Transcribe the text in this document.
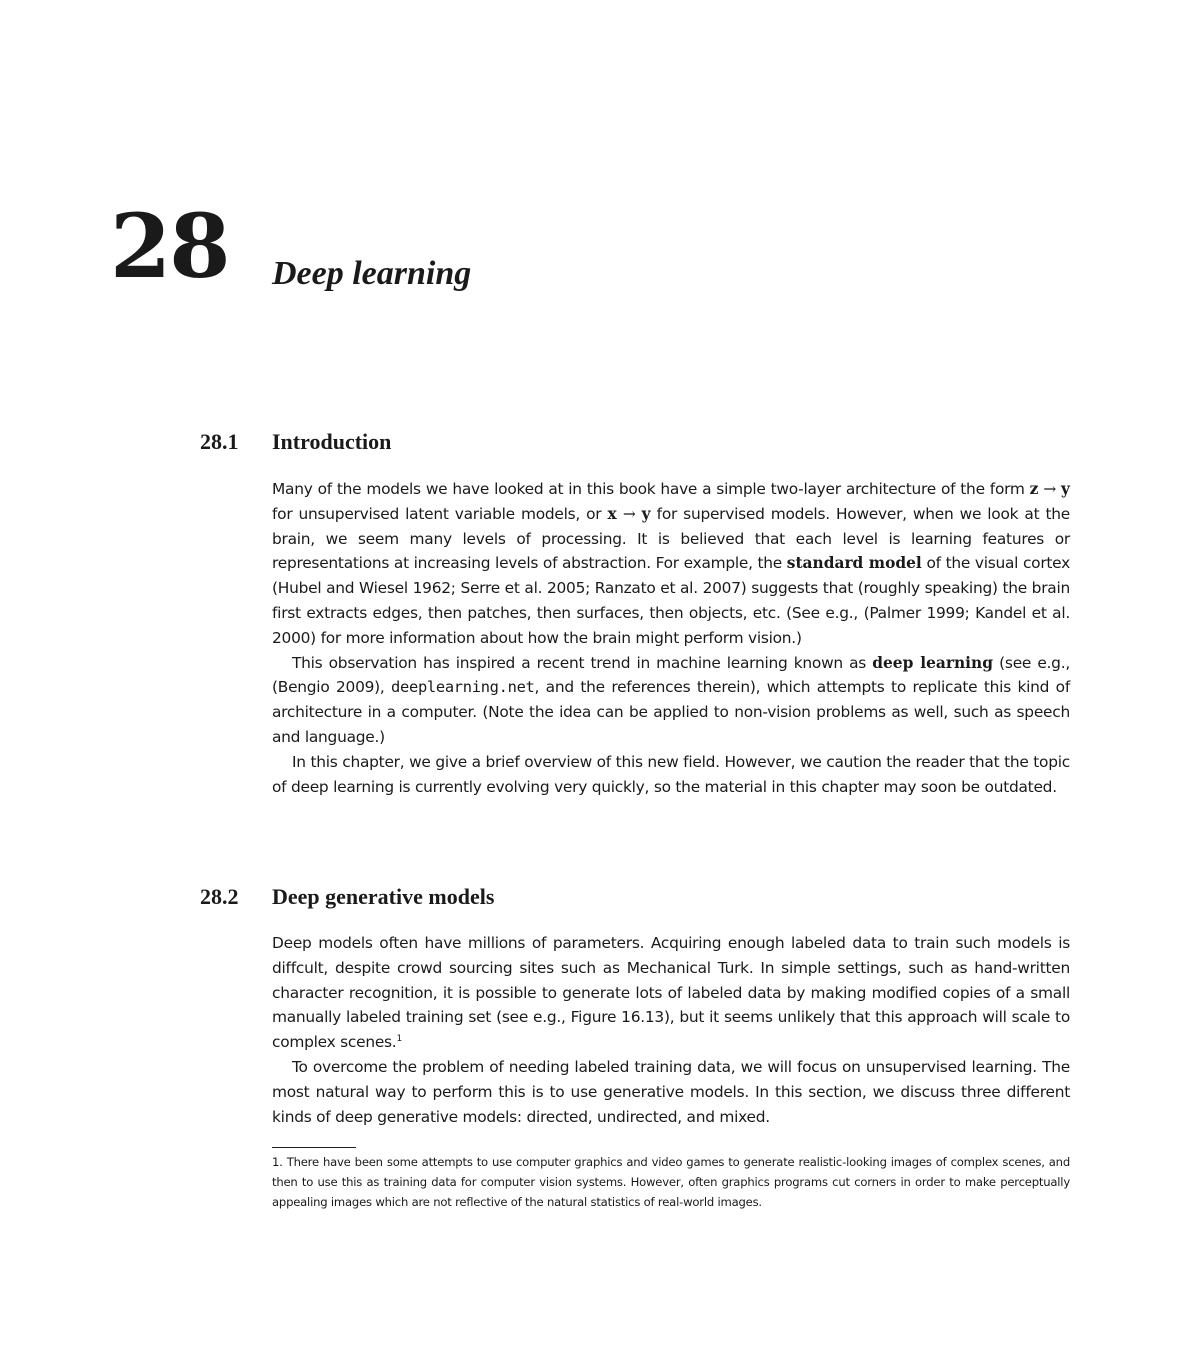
28 Deep learning
28.1 Introduction

Many of the models we have looked at in this book have a simple two-layer architecture of the form z → y for unsupervised latent variable models, or x → y for supervised models. However, when we look at the brain, we seem many levels of processing. It is believed that each level is learning features or representations at increasing levels of abstraction. For example, the standard model of the visual cortex (Hubel and Wiesel 1962; Serre et al. 2005; Ranzato et al. 2007) suggests that (roughly speaking) the brain first extracts edges, then patches, then surfaces, then objects, etc. (See e.g., (Palmer 1999; Kandel et al. 2000) for more information about how the brain might perform vision.)

This observation has inspired a recent trend in machine learning known as deep learning (see e.g., (Bengio 2009), deeplearning.net, and the references therein), which attempts to replicate this kind of architecture in a computer. (Note the idea can be applied to non-vision problems as well, such as speech and language.)

In this chapter, we give a brief overview of this new field. However, we caution the reader that the topic of deep learning is currently evolving very quickly, so the material in this chapter may soon be outdated.

28.2 Deep generative models

Deep models often have millions of parameters. Acquiring enough labeled data to train such models is diffcult, despite crowd sourcing sites such as Mechanical Turk. In simple settings, such as hand-written character recognition, it is possible to generate lots of labeled data by making modified copies of a small manually labeled training set (see e.g., Figure 16.13), but it seems unlikely that this approach will scale to complex scenes.$^1$

To overcome the problem of needing labeled training data, we will focus on unsupervised learning. The most natural way to perform this is to use generative models. In this section, we discuss three different kinds of deep generative models: directed, undirected, and mixed.

1. There have been some attempts to use computer graphics and video games to generate realistic-looking images of complex scenes, and then to use this as training data for computer vision systems. However, often graphics programs cut corners in order to make perceptually appealing images which are not reflective of the natural statistics of real-world images.
